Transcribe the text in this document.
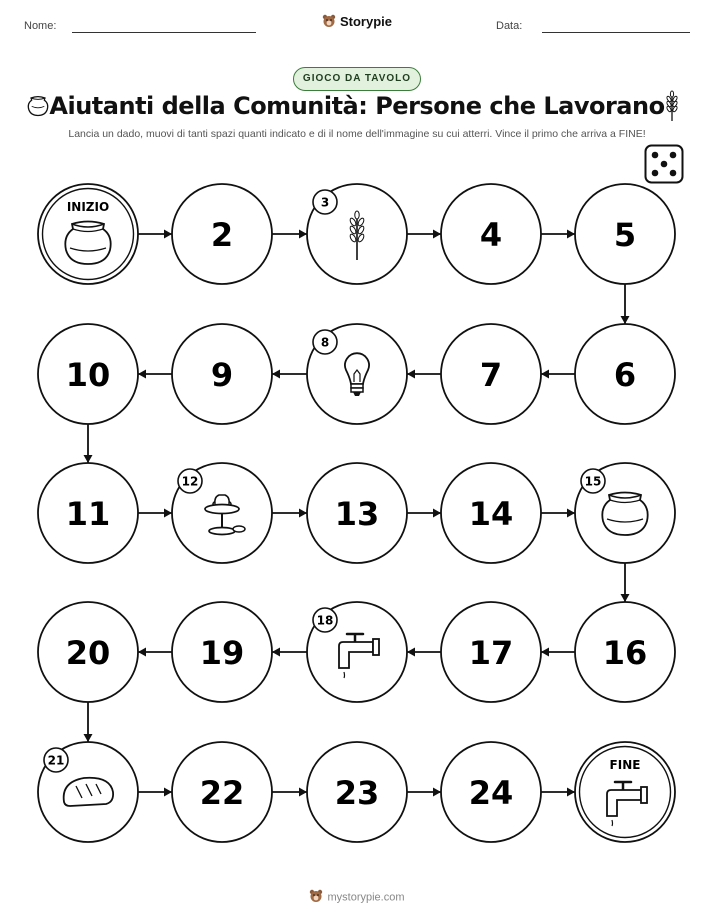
Nome:	Storypie	Data:
GIOCO DA TAVOLO
Aiutanti della Comunità: Persone che Lavorano
Lancia un dado, muovi di tanti spazi quanti indicato e di il nome dell'immagine su cui atterri. Vince il primo che arriva a FINE!
INIZIO
2
3
4	5
6
7
8
9
10
11
12
13	14
15
16
17
18
19
20
21
22	23	24
FINE
mystorypie.com
